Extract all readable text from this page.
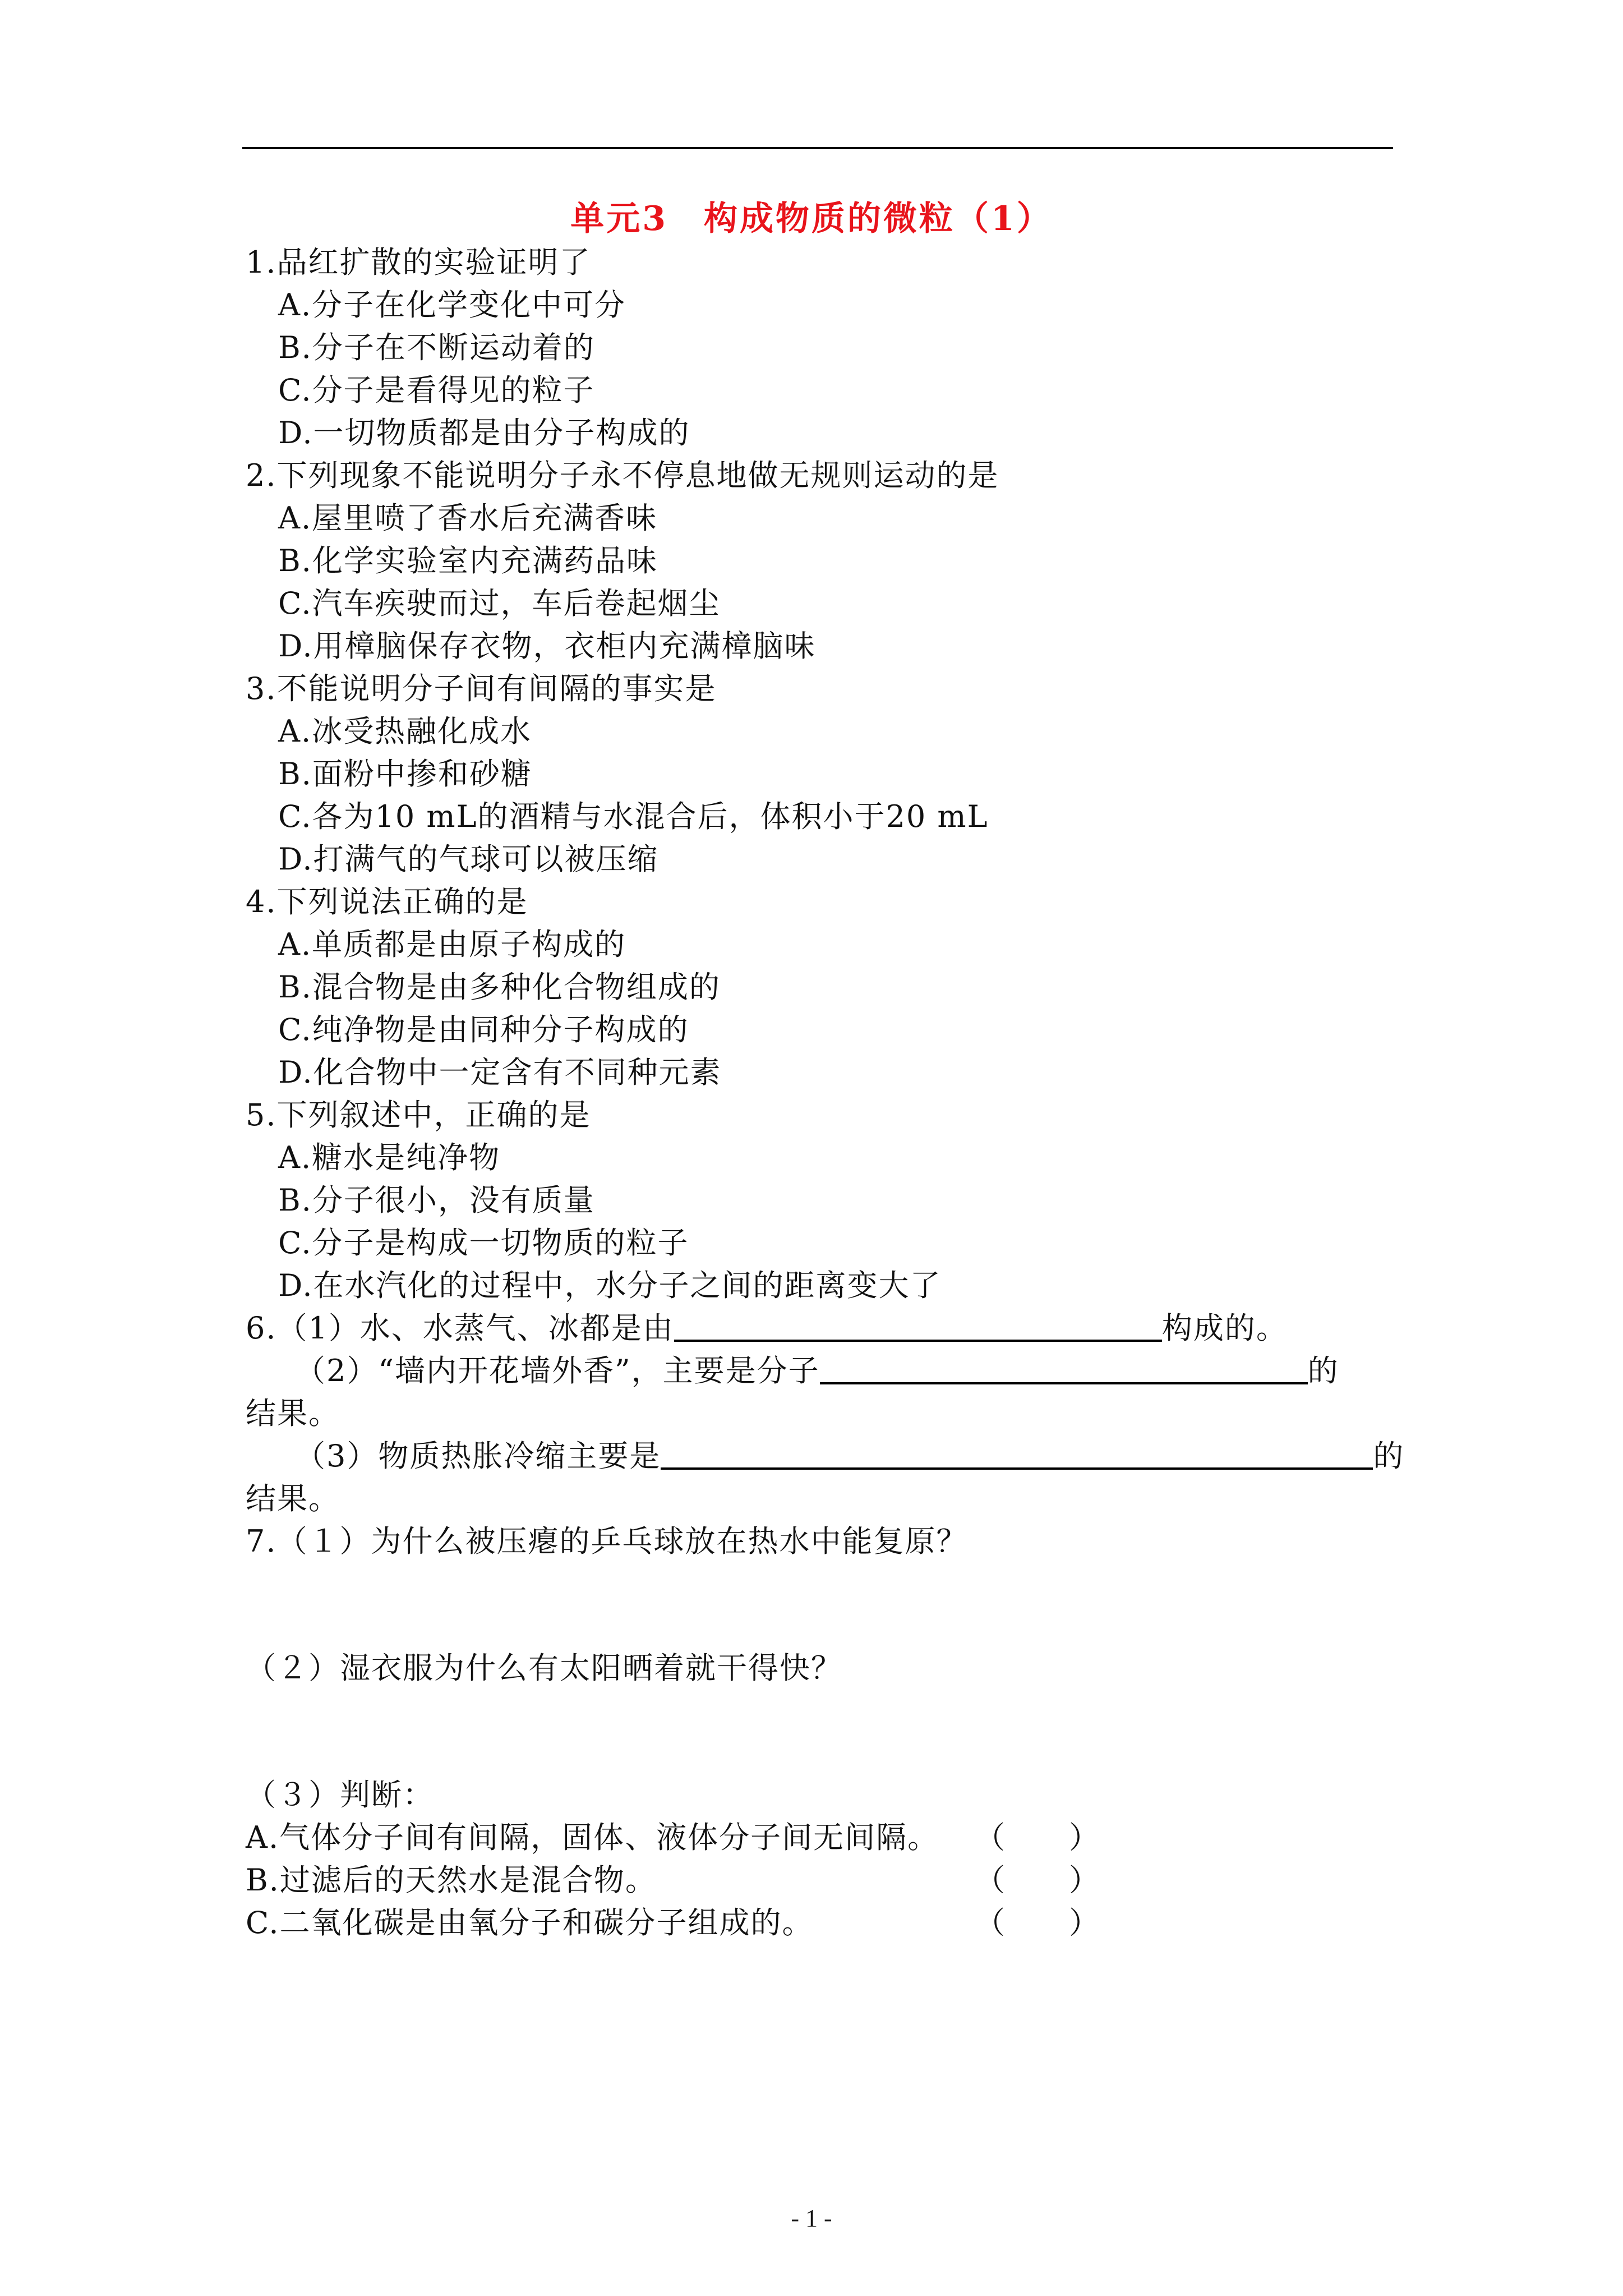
单元3　构成物质的微粒（1）
1.品红扩散的实验证明了
A.分子在化学变化中可分
B.分子在不断运动着的
C.分子是看得见的粒子
D.一切物质都是由分子构成的
2.下列现象不能说明分子永不停息地做无规则运动的是
A.屋里喷了香水后充满香味
B.化学实验室内充满药品味
C.汽车疾驶而过，车后卷起烟尘
D.用樟脑保存衣物，衣柜内充满樟脑味
3.不能说明分子间有间隔的事实是
A.冰受热融化成水
B.面粉中掺和砂糖
C.各为10 mL的酒精与水混合后，体积小于20 mL
D.打满气的气球可以被压缩
4.下列说法正确的是
A.单质都是由原子构成的
B.混合物是由多种化合物组成的
C.纯净物是由同种分子构成的
D.化合物中一定含有不同种元素
5.下列叙述中，正确的是
A.糖水是纯净物
B.分子很小，没有质量
C.分子是构成一切物质的粒子
D.在水汽化的过程中，水分子之间的距离变大了
6.（1）水、水蒸气、冰都是由	构成的。
（2）“墙内开花墙外香”，主要是分子	的
结果。
（3）物质热胀冷缩主要是	的
结果。
7.（１）为什么被压瘪的乒乓球放在热水中能复原？
（２）湿衣服为什么有太阳晒着就干得快？
（３）判断：
A.气体分子间有间隔，固体、液体分子间无间隔。 （　　）
B.过滤后的天然水是混合物。	（　　）
C.二氧化碳是由氧分子和碳分子组成的。	（　　）
- 1 -
